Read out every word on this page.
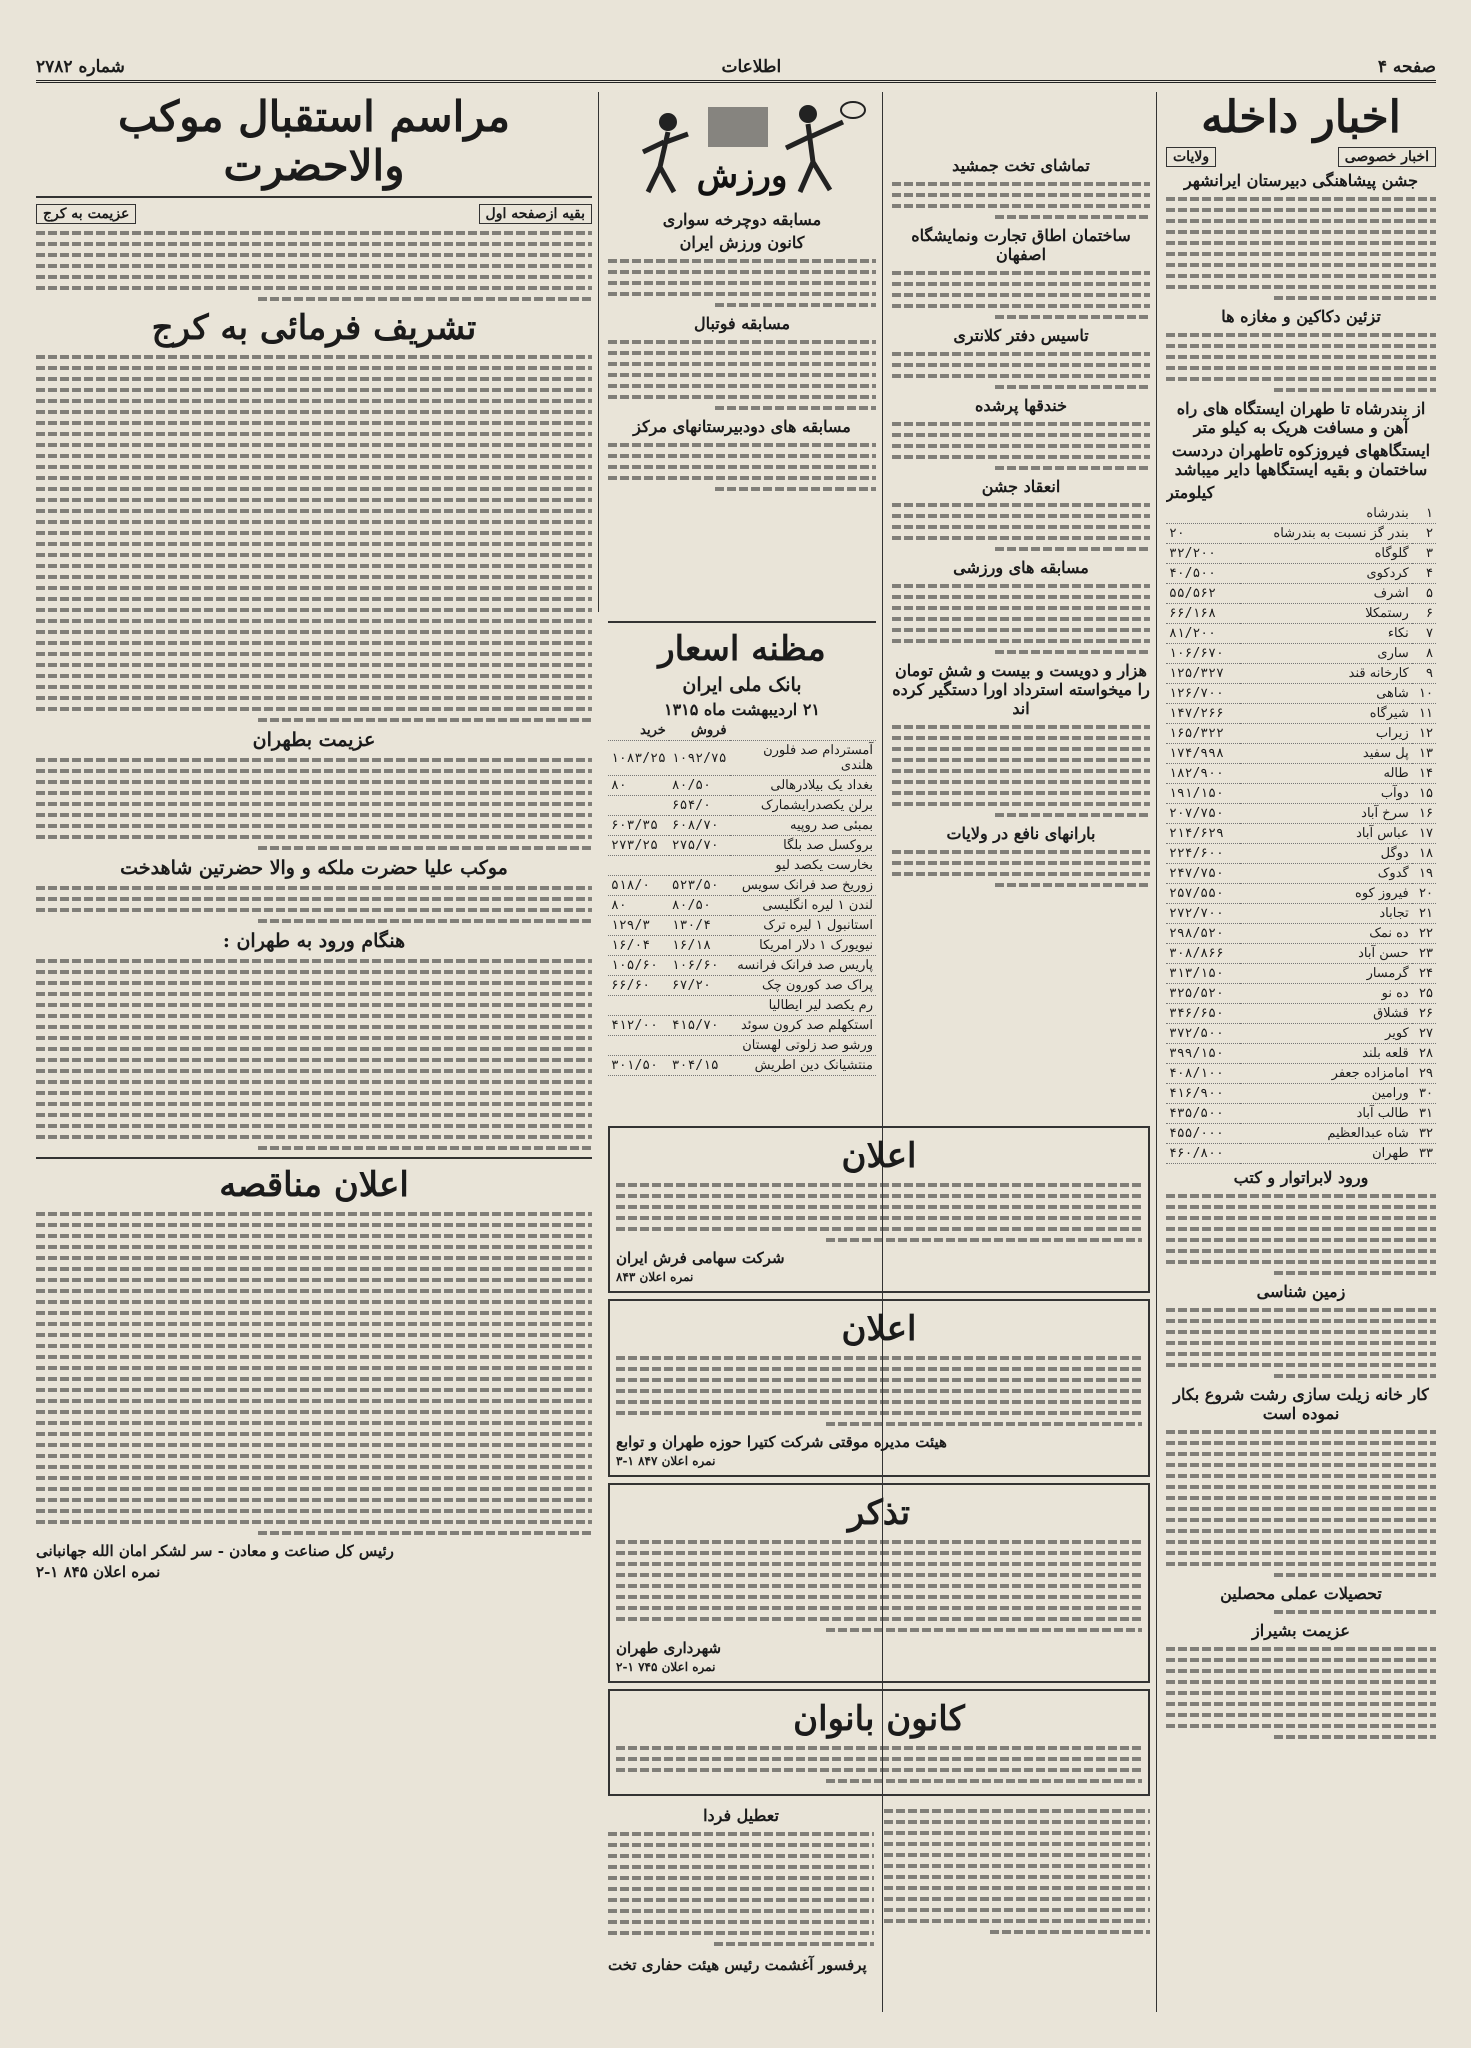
صفحه ۴
اطلاعات
شماره ۲۷۸۲
اخبار داخله
اخبار خصوصی
ولایات
جشن پیشاهنگی دبیرستان ایرانشهر
تزئین دکاکین و مغازه ها
از بندرشاه تا طهران ایستگاه های راه آهن و مسافت هریک به کیلو متر
ایستگاههای فیروزکوه تاطهران دردست ساختمان و بقیه ایستگاهها دایر میباشد
کیلومتر
۱	بندرشاه	
۲	بندر گز نسبت به بندرشاه	۲۰
۳	گلوگاه	۳۲/۲۰۰
۴	کردکوی	۴۰/۵۰۰
۵	اشرف	۵۵/۵۶۲
۶	رستمکلا	۶۶/۱۶۸
۷	نکاء	۸۱/۲۰۰
۸	ساری	۱۰۶/۶۷۰
۹	کارخانه قند	۱۲۵/۳۲۷
۱۰	شاهی	۱۲۶/۷۰۰
۱۱	شیرگاه	۱۴۷/۲۶۶
۱۲	زیراب	۱۶۵/۳۲۲
۱۳	پل سفید	۱۷۴/۹۹۸
۱۴	طاله	۱۸۲/۹۰۰
۱۵	دوآب	۱۹۱/۱۵۰
۱۶	سرخ آباد	۲۰۷/۷۵۰
۱۷	عباس آباد	۲۱۴/۶۲۹
۱۸	دوگل	۲۲۴/۶۰۰
۱۹	گدوک	۲۴۷/۷۵۰
۲۰	فیروز کوه	۲۵۷/۵۵۰
۲۱	تجاباد	۲۷۲/۷۰۰
۲۲	ده نمک	۲۹۸/۵۲۰
۲۳	حسن آباد	۳۰۸/۸۶۶
۲۴	گرمسار	۳۱۳/۱۵۰
۲۵	ده نو	۳۲۵/۵۲۰
۲۶	قشلاق	۳۴۶/۶۵۰
۲۷	کویر	۳۷۲/۵۰۰
۲۸	قلعه بلند	۳۹۹/۱۵۰
۲۹	امامزاده جعفر	۴۰۸/۱۰۰
۳۰	ورامین	۴۱۶/۹۰۰
۳۱	طالب آباد	۴۳۵/۵۰۰
۳۲	شاه عبدالعظیم	۴۵۵/۰۰۰
۳۳	طهران	۴۶۰/۸۰۰
ورود لابراتوار و کتب
زمین شناسی
کار خانه زیلت سازی رشت شروع بکار نموده است
تحصیلات عملی محصلین
عزیمت بشیراز
تماشای تخت جمشید
ساختمان اطاق تجارت ونمایشگاه اصفهان
تاسیس دفتر کلانتری
خندقها پرشده
انعقاد جشن
مسابقه های ورزشی
هزار و دویست و بیست و شش تومان را میخواسته استرداد اورا دستگیر کرده اند
بارانهای نافع در ولایات
ورزش
مسابقه دوچرخه سواری
کانون ورزش ایران
مسابقه فوتبال
مسابقه های دودبیرستانهای مرکز
مظنه اسعار
بانک ملی ایران
۲۱ اردیبهشت ماه ۱۳۱۵
	فروش	خرید
آمستردام صد فلورن هلندی	۱۰۹۲/۷۵	۱۰۸۳/۲۵
بغداد یک بیلادرهالی	۸۰/۵۰	۸۰
برلن یکصدرایشمارک	۶۵۴/۰	
بمبئی صد روپیه	۶۰۸/۷۰	۶۰۳/۳۵
بروکسل صد بلگا	۲۷۵/۷۰	۲۷۳/۲۵
بخارست یکصد لیو		
زوریخ صد فرانک سویس	۵۲۳/۵۰	۵۱۸/۰
لندن ۱ لیره انگلیسی	۸۰/۵۰	۸۰
استانبول ۱ لیره ترک	۱۳۰/۴	۱۲۹/۳
نیویورک ۱ دلار امریکا	۱۶/۱۸	۱۶/۰۴
پاریس صد فرانک فرانسه	۱۰۶/۶۰	۱۰۵/۶۰
پراک صد کورون چک	۶۷/۲۰	۶۶/۶۰
رم یکصد لیر ایطالیا		
استکهلم صد کرون سوئد	۴۱۵/۷۰	۴۱۲/۰۰
ورشو صد زلوتی لهستان		
منتشیانک دین اطریش	۳۰۴/۱۵	۳۰۱/۵۰
اعلان
شرکت سهامی فرش ایران
نمره اعلان ۸۴۳
اعلان
هیئت مدیره موقتی شرکت کتیرا حوزه طهران و توابع
نمره اعلان ۸۴۷ ۱-۳
تذکر
شهرداری طهران
نمره اعلان ۷۴۵ ۱-۲
کانون بانوان
تعطیل فردا
پرفسور آغشمت رئیس هیئت حفاری تخت
مراسم استقبال موکب والاحضرت
بقیه ازصفحه اول
عزیمت به کرج
تشریف فرمائی به کرج
عزیمت بطهران
موکب علیا حضرت ملکه و والا حضرتین شاهدخت
هنگام ورود به طهران :
اعلان مناقصه
رئیس کل صناعت و معادن - سر لشکر امان الله جهانبانی
نمره اعلان ۸۴۵ ۱-۲
